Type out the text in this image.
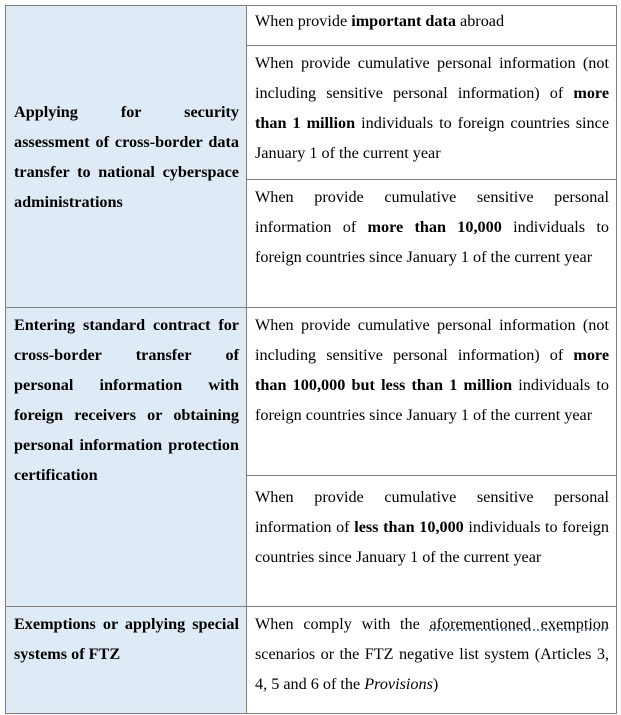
Applying for security assessment of cross-border data transfer to national cyberspace administrations	When provide important data abroad
	When provide cumulative personal information (not including sensitive personal information) of more than 1 million individuals to foreign countries since January 1 of the current year
	When provide cumulative sensitive personal information of more than 10,000 individuals to foreign countries since January 1 of the current year
Entering standard contract for cross-border transfer of personal information with foreign receivers or obtaining personal information protection certification	When provide cumulative personal information (not including sensitive personal information) of more than 100,000 but less than 1 million individuals to foreign countries since January 1 of the current year
	When provide cumulative sensitive personal information of less than 10,000 individuals to foreign countries since January 1 of the current year
Exemptions or applying special systems of FTZ	When comply with the aforementioned exemption scenarios or the FTZ negative list system (Articles 3, 4, 5 and 6 of the Provisions)
